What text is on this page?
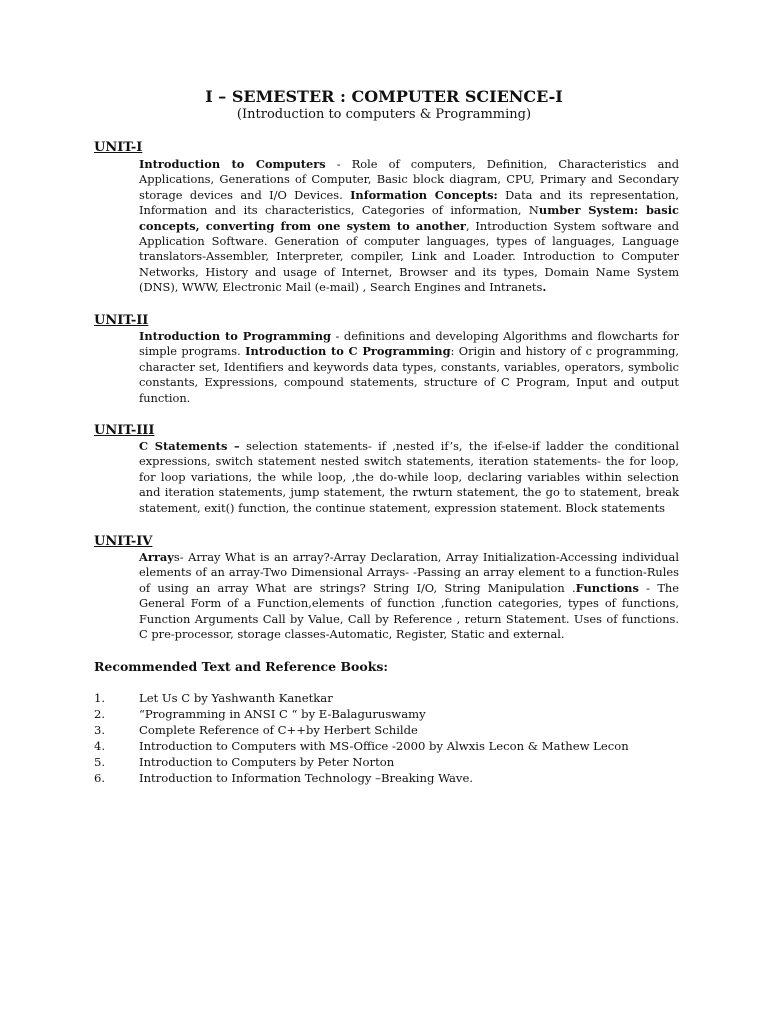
I – SEMESTER : COMPUTER SCIENCE-I
(Introduction to computers & Programming)
UNIT-I

Introduction to Computers - Role of computers, Definition, Characteristics and Applications, Generations of Computer, Basic block diagram, CPU, Primary and Secondary storage devices and I/O Devices. Information Concepts: Data and its representation, Information and its characteristics, Categories of information, Number System: basic concepts, converting from one system to another, Introduction System software and Application Software. Generation of computer languages, types of languages, Language translators-Assembler, Interpreter, compiler, Link and Loader. Introduction to Computer Networks, History and usage of Internet, Browser and its types, Domain Name System (DNS), WWW, Electronic Mail (e-mail) , Search Engines and Intranets.

UNIT-II

Introduction to Programming - definitions and developing Algorithms and flowcharts for simple programs. Introduction to C Programming: Origin and history of c programming, character set, Identifiers and keywords data types, constants, variables, operators, symbolic constants, Expressions, compound statements, structure of C Program, Input and output function.

UNIT-III

C Statements – selection statements- if ,nested if’s, the if-else-if ladder the conditional expressions, switch statement nested switch statements, iteration statements- the for loop, for loop variations, the while loop, ,the do-while loop, declaring variables within selection and iteration statements, jump statement, the rwturn statement, the go to statement, break statement, exit() function, the continue statement, expression statement. Block statements

UNIT-IV

Arrays- Array What is an array?-Array Declaration, Array Initialization-Accessing individual elements of an array-Two Dimensional Arrays- -Passing an array element to a function-Rules of using an array What are strings? String I/O, String Manipulation .Functions - The General Form of a Function,elements of function ,function categories, types of functions, Function Arguments Call by Value, Call by Reference , return Statement. Uses of functions. C pre-processor, storage classes-Automatic, Register, Static and external.

Recommended Text and Reference Books:
1.	Let Us C by Yashwanth Kanetkar
2.	“Programming in ANSI C “ by E-Balaguruswamy
3.	Complete Reference of C++by Herbert Schilde
4.	Introduction to Computers with MS-Office -2000 by Alwxis Lecon & Mathew Lecon
5.	Introduction to Computers by Peter Norton
6.	Introduction to Information Technology –Breaking Wave.
